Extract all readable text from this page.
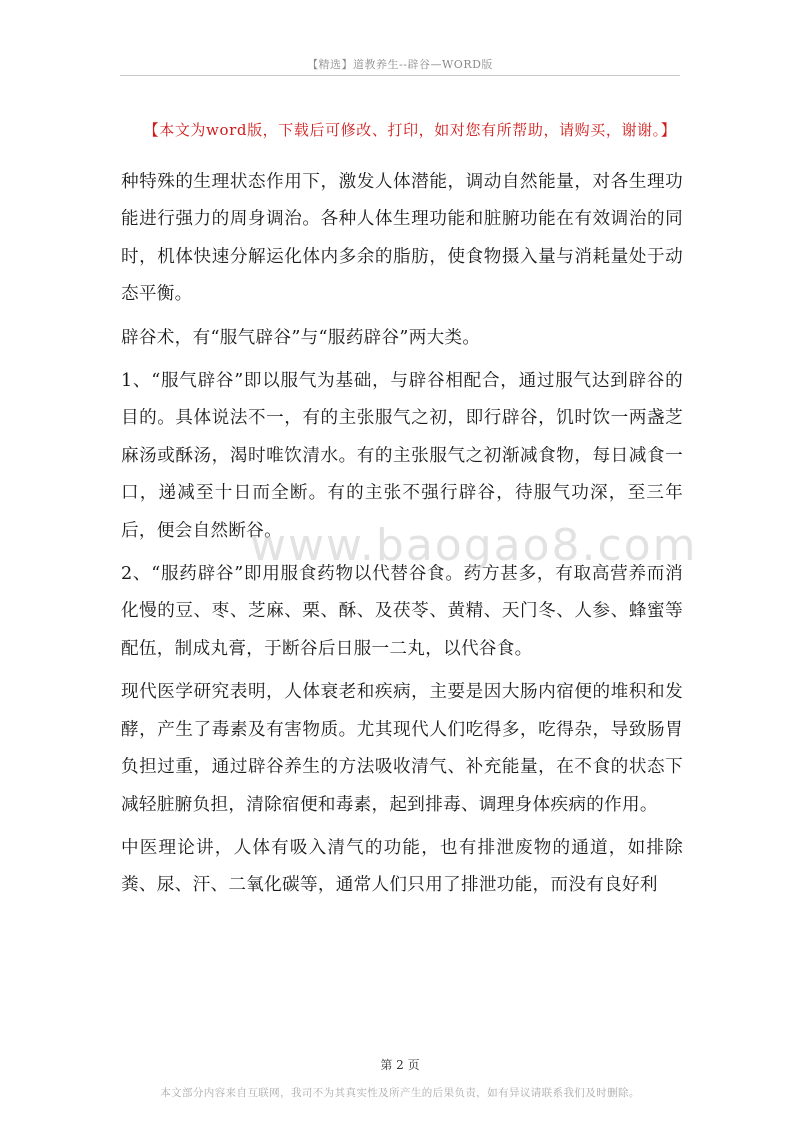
【精选】道教养生--辟谷—WORD版
【本文为word版，下载后可修改、打印，如对您有所帮助，请购买，谢谢。】

种特殊的生理状态作用下，激发人体潜能，调动自然能量，对各生理功能进行强力的周身调治。各种人体生理功能和脏腑功能在有效调治的同时，机体快速分解运化体内多余的脂肪，使食物摄入量与消耗量处于动态平衡。

辟谷术，有“服气辟谷”与“服药辟谷”两大类。

1、“服气辟谷”即以服气为基础，与辟谷相配合，通过服气达到辟谷的目的。具体说法不一，有的主张服气之初，即行辟谷，饥时饮一两盏芝麻汤或酥汤，渴时唯饮清水。有的主张服气之初渐减食物，每日减食一口，递减至十日而全断。有的主张不强行辟谷，待服气功深，至三年后，便会自然断谷。

2、“服药辟谷”即用服食药物以代替谷食。药方甚多，有取高营养而消化慢的豆、枣、芝麻、栗、酥、及茯苓、黄精、天门冬、人参、蜂蜜等配伍，制成丸膏，于断谷后日服一二丸，以代谷食。

现代医学研究表明，人体衰老和疾病，主要是因大肠内宿便的堆积和发酵，产生了毒素及有害物质。尤其现代人们吃得多，吃得杂，导致肠胃负担过重，通过辟谷养生的方法吸收清气、补充能量，在不食的状态下减轻脏腑负担，清除宿便和毒素，起到排毒、调理身体疾病的作用。

中医理论讲，人体有吸入清气的功能，也有排泄废物的通道，如排除粪、尿、汗、二氧化碳等，通常人们只用了排泄功能，而没有良好利

www.baogao8.com
第 2 页
本文部分内容来自互联网，我司不为其真实性及所产生的后果负责，如有异议请联系我们及时删除。
